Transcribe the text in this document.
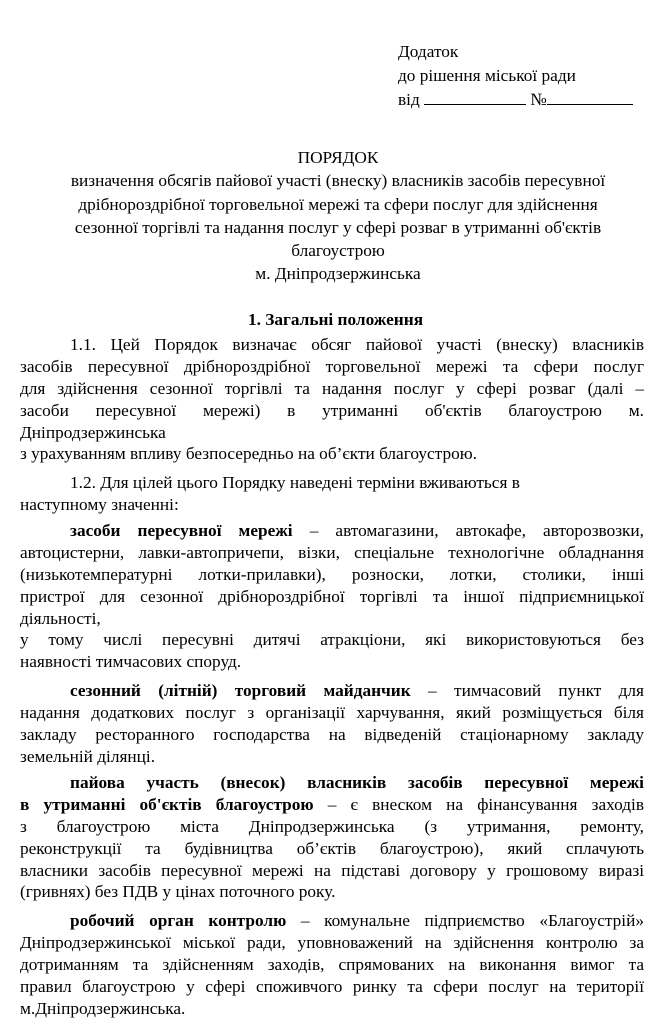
Додаток
до рішення міської ради
від	№
ПОРЯДОК
визначення обсягів пайової участі (внеску) власників засобів пересувної
дрібнороздрібної торговельної мережі та сфери послуг для здійснення
сезонної торгівлі та надання послуг у сфері розваг в утриманні об'єктів
благоустрою
м. Дніпродзержинська
1. Загальні положення
1.1. Цей Порядок визначає обсяг пайової участі (внеску) власників
засобів пересувної дрібнороздрібної торговельної мережі та сфери послуг
для здійснення сезонної торгівлі та надання послуг у сфері розваг (далі –
засоби пересувної мережі) в утриманні об'єктів благоустрою м.
Дніпродзержинська
з урахуванням впливу безпосередньо на об’єкти благоустрою.
1.2. Для цілей цього Порядку наведені терміни вживаються в
наступному значенні:
засоби пересувної мережі – автомагазини, автокафе, авторозвозки,
автоцистерни, лавки-автопричепи, візки, спеціальне технологічне обладнання
(низькотемпературні лотки-прилавки), розноски, лотки, столики, інші
пристрої для сезонної дрібнороздрібної торгівлі та іншої підприємницької
діяльності,
у тому числі пересувні дитячі атракціони, які використовуються без
наявності тимчасових споруд.
сезонний (літній) торговий майданчик – тимчасовий пункт для
надання додаткових послуг з організації харчування, який розміщується біля
закладу ресторанного господарства на відведеній стаціонарному закладу
земельній ділянці.
пайова участь (внесок) власників засобів пересувної мережі
в утриманні об'єктів благоустрою – є внеском на фінансування заходів
з благоустрою міста Дніпродзержинська (з утримання, ремонту,
реконструкції та будівництва об’єктів благоустрою), який сплачують
власники засобів пересувної мережі на підставі договору у грошовому виразі
(гривнях) без ПДВ у цінах поточного року.
робочий орган контролю – комунальне підприємство «Благоустрій»
Дніпродзержинської міської ради, уповноважений на здійснення контролю за
дотриманням та здійсненням заходів, спрямованих на виконання вимог та
правил благоустрою у сфері споживчого ринку та сфери послуг на території
м.Дніпродзержинська.
